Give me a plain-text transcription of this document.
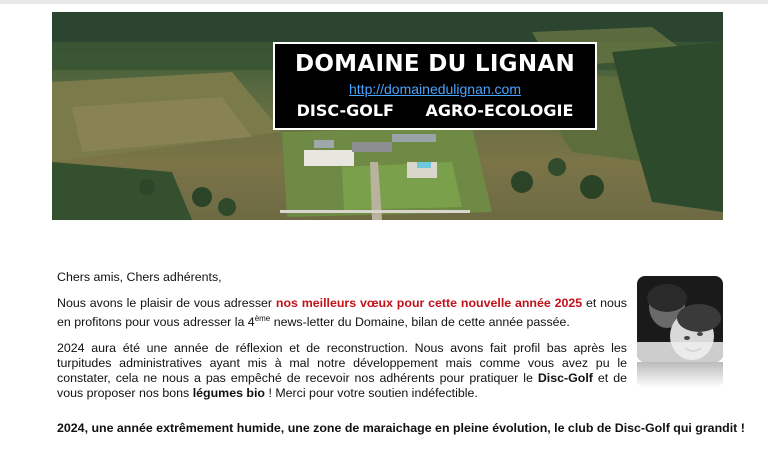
DOMAINE DU LIGNAN
http://domainedulignan.com
DISC-GOLF AGRO-ECOLOGIE

Chers amis, Chers adhérents,

Nous avons le plaisir de vous adresser nos meilleurs vœux pour cette nouvelle année 2025 et nous en profitons pour vous adresser la 4ème news-letter du Domaine, bilan de cette année passée.

2024 aura été une année de réflexion et de reconstruction. Nous avons fait profil bas après les turpitudes administratives ayant mis à mal notre développement mais comme vous avez pu le constater, cela ne nous a pas empêché de recevoir nos adhérents pour pratiquer le Disc-Golf et de vous proposer nos bons légumes bio ! Merci pour votre soutien indéfectible.

2024, une année extrêmement humide, une zone de maraichage en pleine évolution, le club de Disc-Golf qui grandit !
